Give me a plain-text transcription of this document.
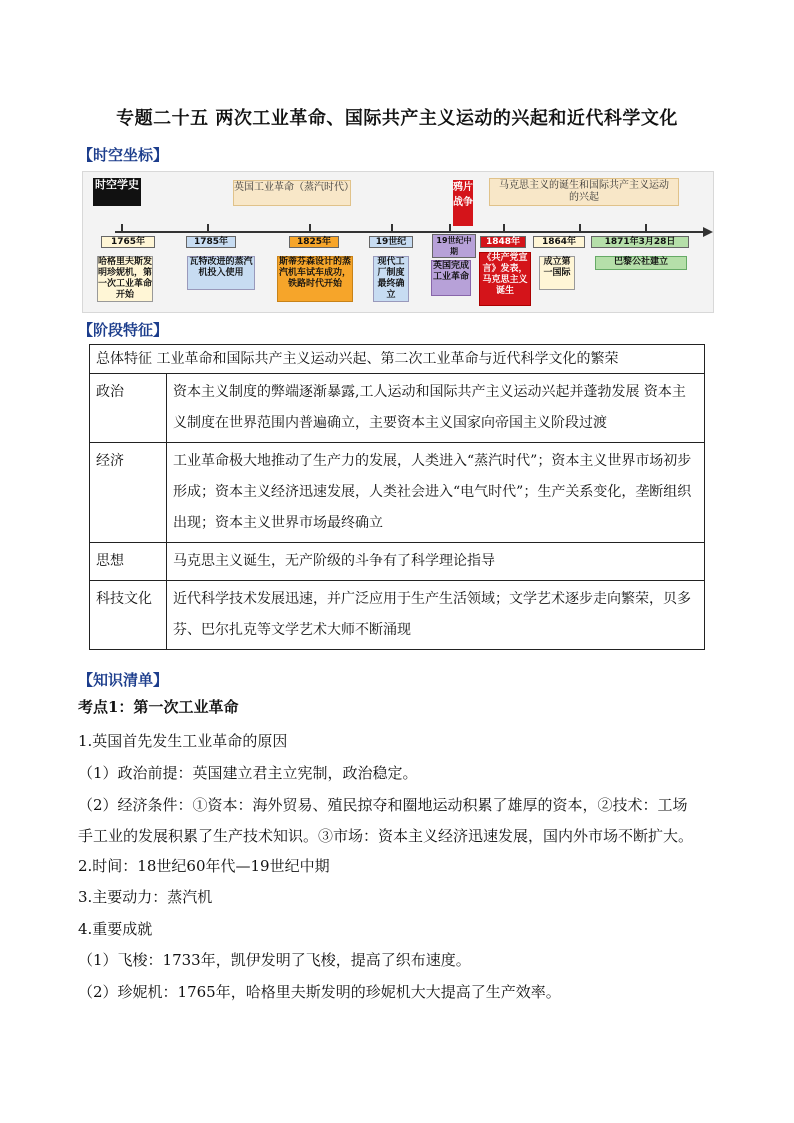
专题二十五 两次工业革命、国际共产主义运动的兴起和近代科学文化
【时空坐标】
时空学史	英国工业革命（蒸汽时代）	鸦片战争
马克思主义的诞生和国际共产主义运动的兴起
1765年	1785年	1825年	19世纪	19世纪中期
1848年	1864年	1871年3月28日
哈格里夫斯发明珍妮机，第一次工业革命开始
瓦特改进的蒸汽机投入使用
斯蒂芬森设计的蒸汽机车试车成功，铁路时代开始
现代工厂制度最终确立
英国完成工业革命
《共产党宣言》发表，马克思主义诞生
成立第一国际
巴黎公社建立
【阶段特征】
总体特征 工业革命和国际共产主义运动兴起、第二次工业革命与近代科学文化的繁荣	
政治	资本主义制度的弊端逐渐暴露,工人运动和国际共产主义运动兴起并蓬勃发展 资本主义制度在世界范围内普遍确立，主要资本主义国家向帝国主义阶段过渡
经济	工业革命极大地推动了生产力的发展，人类进入“蒸汽时代”；资本主义世界市场初步形成；资本主义经济迅速发展，人类社会进入“电气时代”；生产关系变化，垄断组织出现；资本主义世界市场最终确立
思想	马克思主义诞生，无产阶级的斗争有了科学理论指导
科技文化	近代科学技术发展迅速，并广泛应用于生产生活领域；文学艺术逐步走向繁荣，贝多芬、巴尔扎克等文学艺术大师不断涌现
【知识清单】
考点1：第一次工业革命
1.英国首先发生工业革命的原因
（1）政治前提：英国建立君主立宪制，政治稳定。
（2）经济条件：①资本：海外贸易、殖民掠夺和圈地运动积累了雄厚的资本，②技术：工场
手工业的发展积累了生产技术知识。③市场：资本主义经济迅速发展，国内外市场不断扩大。
2.时间：18世纪60年代—19世纪中期
3.主要动力：蒸汽机
4.重要成就
（1）飞梭：1733年，凯伊发明了飞梭，提高了织布速度。
（2）珍妮机：1765年，哈格里夫斯发明的珍妮机大大提高了生产效率。
